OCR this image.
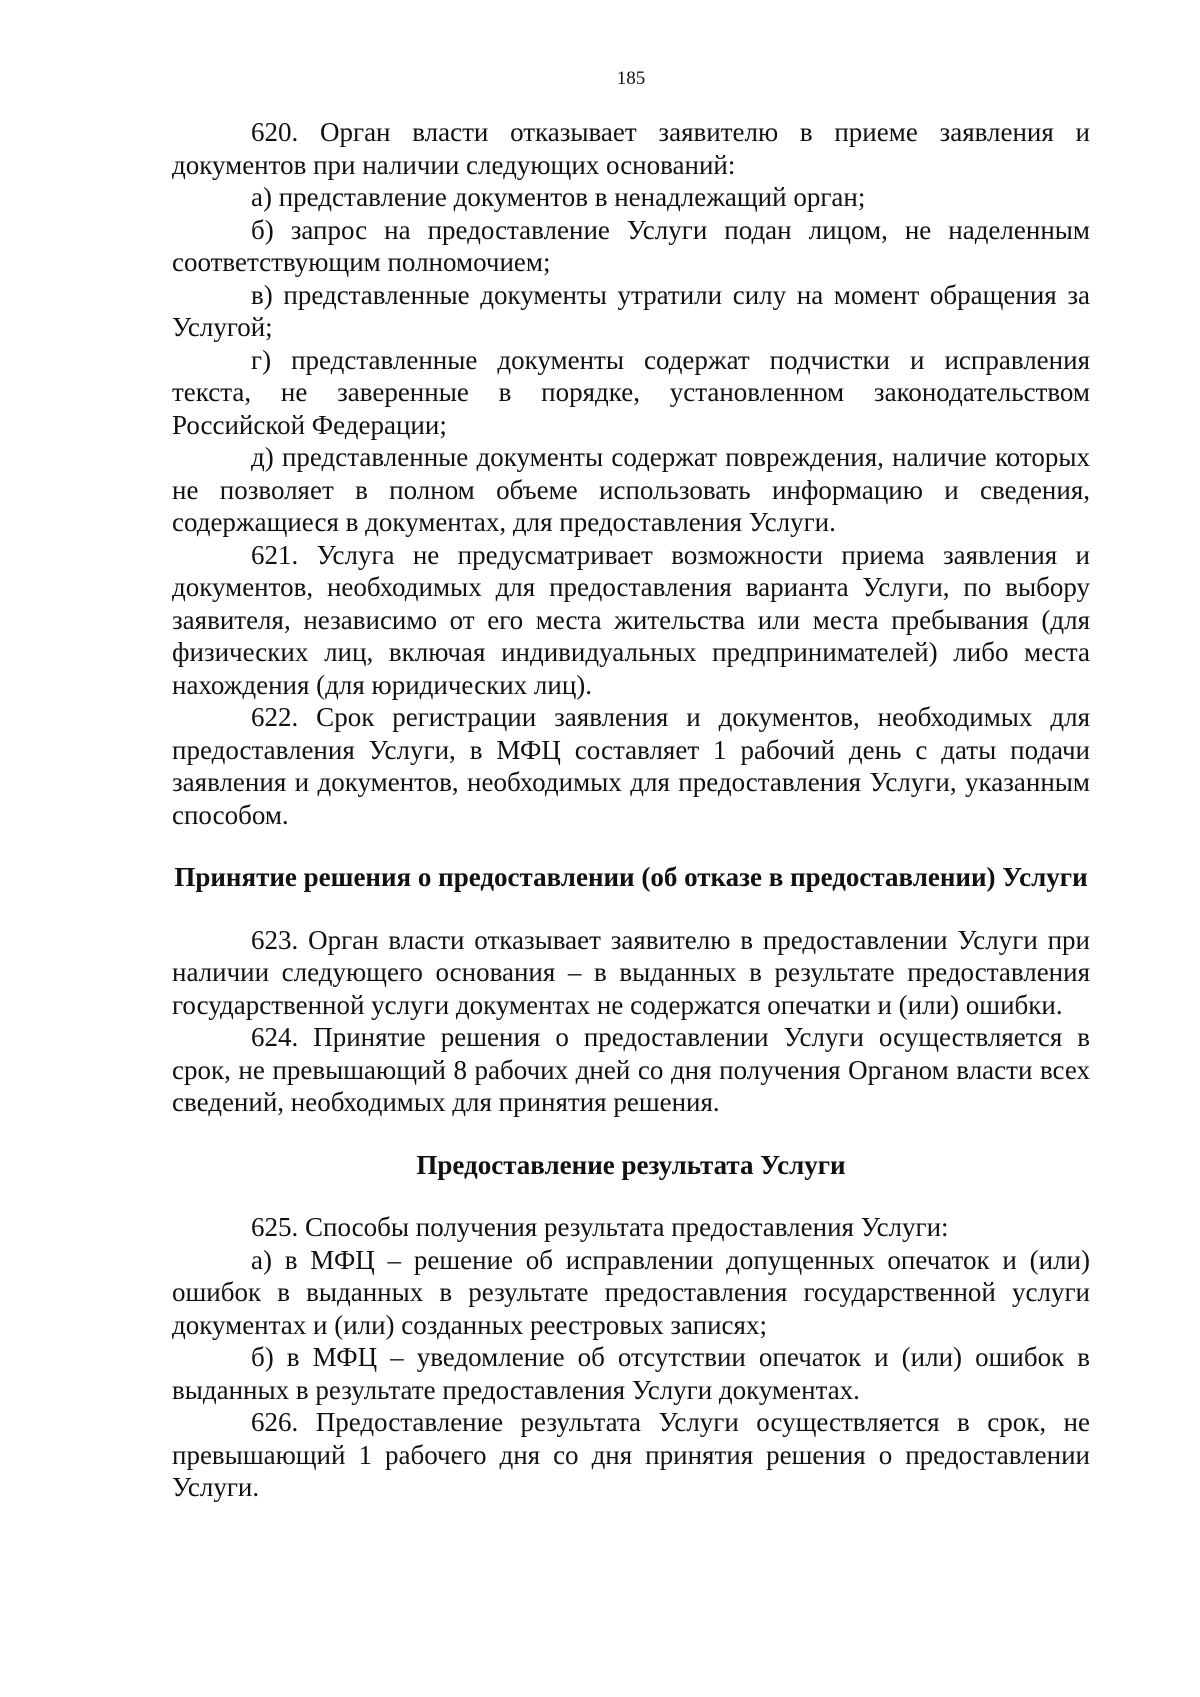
185

620. Орган власти отказывает заявителю в приеме заявления и документов при наличии следующих оснований:

а) представление документов в ненадлежащий орган;

б) запрос на предоставление Услуги подан лицом, не наделенным соответствующим полномочием;

в) представленные документы утратили силу на момент обращения за Услугой;

г) представленные документы содержат подчистки и исправления текста, не заверенные в порядке, установленном законодательством Российской Федерации;

д) представленные документы содержат повреждения, наличие которых не позволяет в полном объеме использовать информацию и сведения, содержащиеся в документах, для предоставления Услуги.

621. Услуга не предусматривает возможности приема заявления и документов, необходимых для предоставления варианта Услуги, по выбору заявителя, независимо от его места жительства или места пребывания (для физических лиц, включая индивидуальных предпринимателей) либо места нахождения (для юридических лиц).

622. Срок регистрации заявления и документов, необходимых для предоставления Услуги, в МФЦ составляет 1 рабочий день с даты подачи заявления и документов, необходимых для предоставления Услуги, указанным способом.

Принятие решения о предоставлении (об отказе в предоставлении) Услуги

623. Орган власти отказывает заявителю в предоставлении Услуги при наличии следующего основания – в выданных в результате предоставления государственной услуги документах не содержатся опечатки и (или) ошибки.

624. Принятие решения о предоставлении Услуги осуществляется в срок, не превышающий 8 рабочих дней со дня получения Органом власти всех сведений, необходимых для принятия решения.

Предоставление результата Услуги

625. Способы получения результата предоставления Услуги:

а) в МФЦ – решение об исправлении допущенных опечаток и (или) ошибок в выданных в результате предоставления государственной услуги документах и (или) созданных реестровых записях;

б) в МФЦ – уведомление об отсутствии опечаток и (или) ошибок в выданных в результате предоставления Услуги документах.

626. Предоставление результата Услуги осуществляется в срок, не превышающий 1 рабочего дня со дня принятия решения о предоставлении Услуги.
